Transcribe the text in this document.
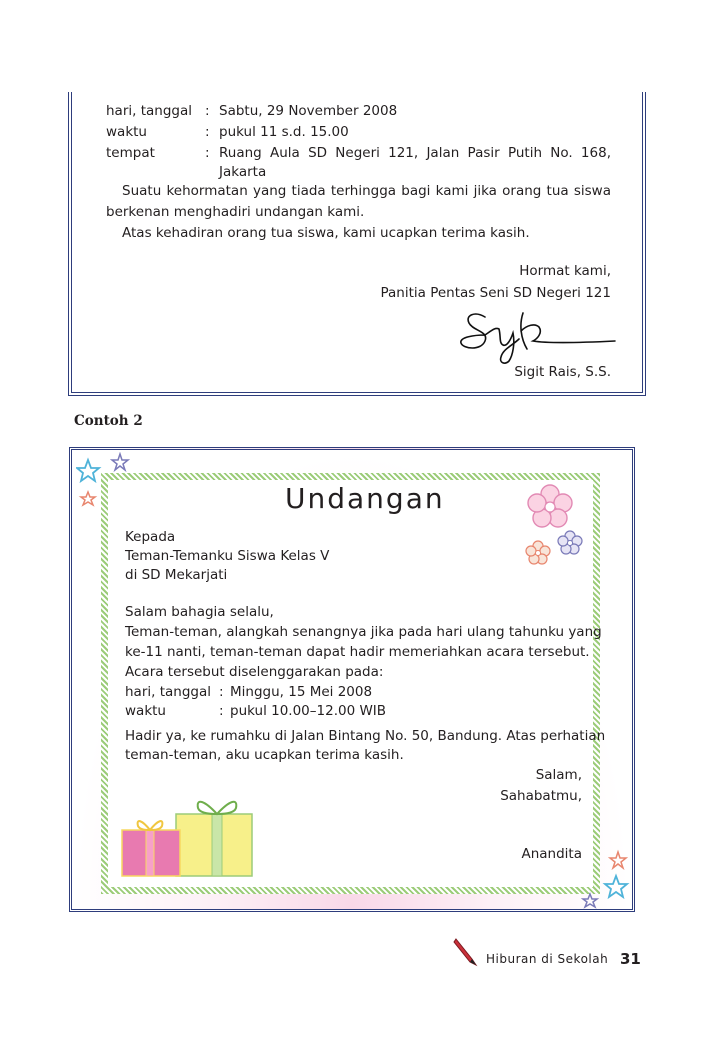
hari, tanggal : Sabtu, 29 November 2008
waktu	: pukul 11 s.d. 15.00
tempat	: Ruang Aula SD Negeri 121, Jalan Pasir Putih No. 168,
Jakarta
Suatu kehormatan yang tiada terhingga bagi kami jika orang tua siswa
berkenan menghadiri undangan kami.
Atas kehadiran orang tua siswa, kami ucapkan terima kasih.
Hormat kami,
Panitia Pentas Seni SD Negeri 121
Sigit Rais, S.S.
Contoh 2
Undangan
Kepada
Teman-Temanku Siswa Kelas V
di SD Mekarjati
Salam bahagia selalu,
Teman-teman, alangkah senangnya jika pada hari ulang tahunku yang
ke-11 nanti, teman-teman dapat hadir memeriahkan acara tersebut.
Acara tersebut diselenggarakan pada:
hari, tanggal : Minggu, 15 Mei 2008
waktu	: pukul 10.00–12.00 WIB
Hadir ya, ke rumahku di Jalan Bintang No. 50, Bandung. Atas perhatian
teman-teman, aku ucapkan terima kasih.
Salam,
Sahabatmu,
Anandita
Hiburan di Sekolah 31
